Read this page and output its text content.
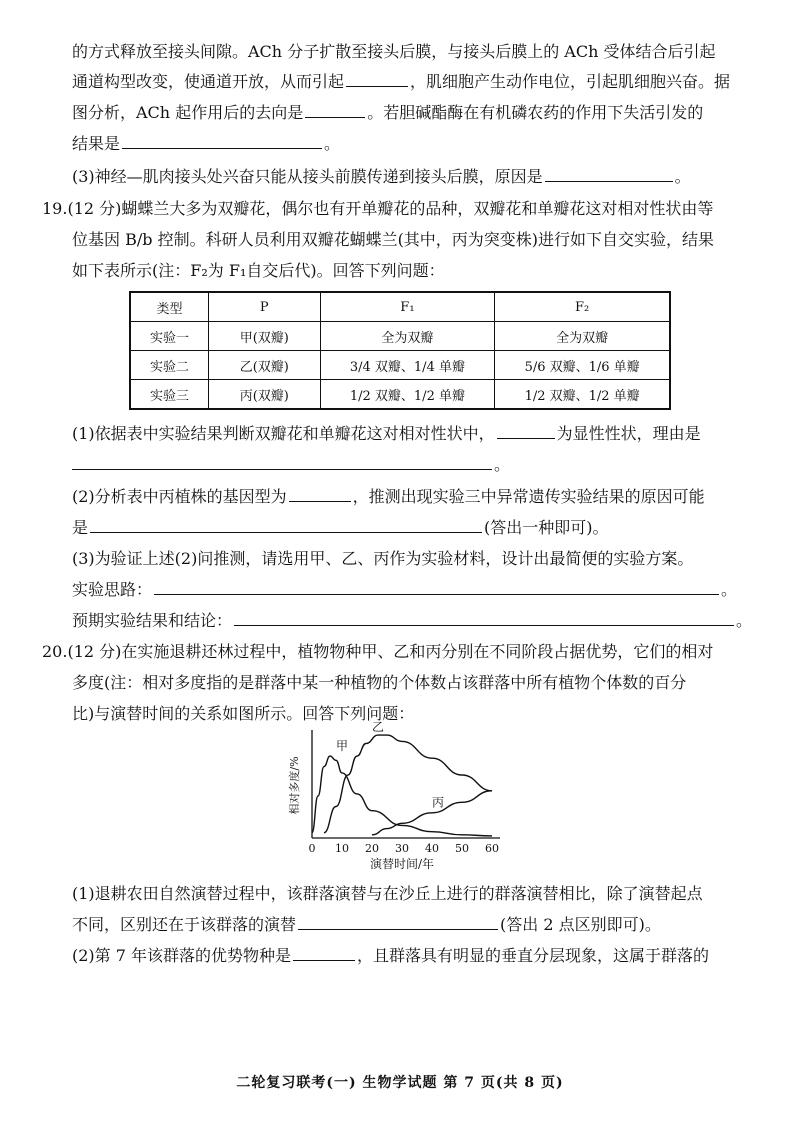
的方式释放至接头间隙。ACh 分子扩散至接头后膜，与接头后膜上的 ACh 受体结合后引起
通道构型改变，使通道开放，从而引起	，肌细胞产生动作电位，引起肌细胞兴奋。据
图分析，ACh 起作用后的去向是	。若胆碱酯酶在有机磷农药的作用下失活引发的
结果是	。
(3)神经—肌肉接头处兴奋只能从接头前膜传递到接头后膜，原因是	。
19.(12 分)蝴蝶兰大多为双瓣花，偶尔也有开单瓣花的品种，双瓣花和单瓣花这对相对性状由等
位基因 B/b 控制。科研人员利用双瓣花蝴蝶兰(其中，丙为突变株)进行如下自交实验，结果
如下表所示(注：F₂为 F₁自交后代)。回答下列问题：
类型	P	F₁	F₂
实验一	甲(双瓣)	全为双瓣	全为双瓣
实验二	乙(双瓣)	3/4 双瓣、1/4 单瓣	5/6 双瓣、1/6 单瓣
实验三	丙(双瓣)	1/2 双瓣、1/2 单瓣	1/2 双瓣、1/2 单瓣
(1)依据表中实验结果判断双瓣花和单瓣花这对相对性状中，	为显性性状，理由是
。
(2)分析表中丙植株的基因型为	，推测出现实验三中异常遗传实验结果的原因可能
是	(答出一种即可)。
(3)为验证上述(2)问推测，请选用甲、乙、丙作为实验材料，设计出最简便的实验方案。
实验思路：	。
预期实验结果和结论：	。
20.(12 分)在实施退耕还林过程中，植物物种甲、乙和丙分别在不同阶段占据优势，它们的相对
多度(注：相对多度指的是群落中某一种植物的个体数占该群落中所有植物个体数的百分
比)与演替时间的关系如图所示。回答下列问题：
0 10 20 30 40 50 60
相对多度/%
演替时间/年
甲
乙
丙
(1)退耕农田自然演替过程中，该群落演替与在沙丘上进行的群落演替相比，除了演替起点
不同，区别还在于该群落的演替	(答出 2 点区别即可)。
(2)第 7 年该群落的优势物种是	，且群落具有明显的垂直分层现象，这属于群落的
二轮复习联考(一) 生物学试题 第 7 页(共 8 页)
